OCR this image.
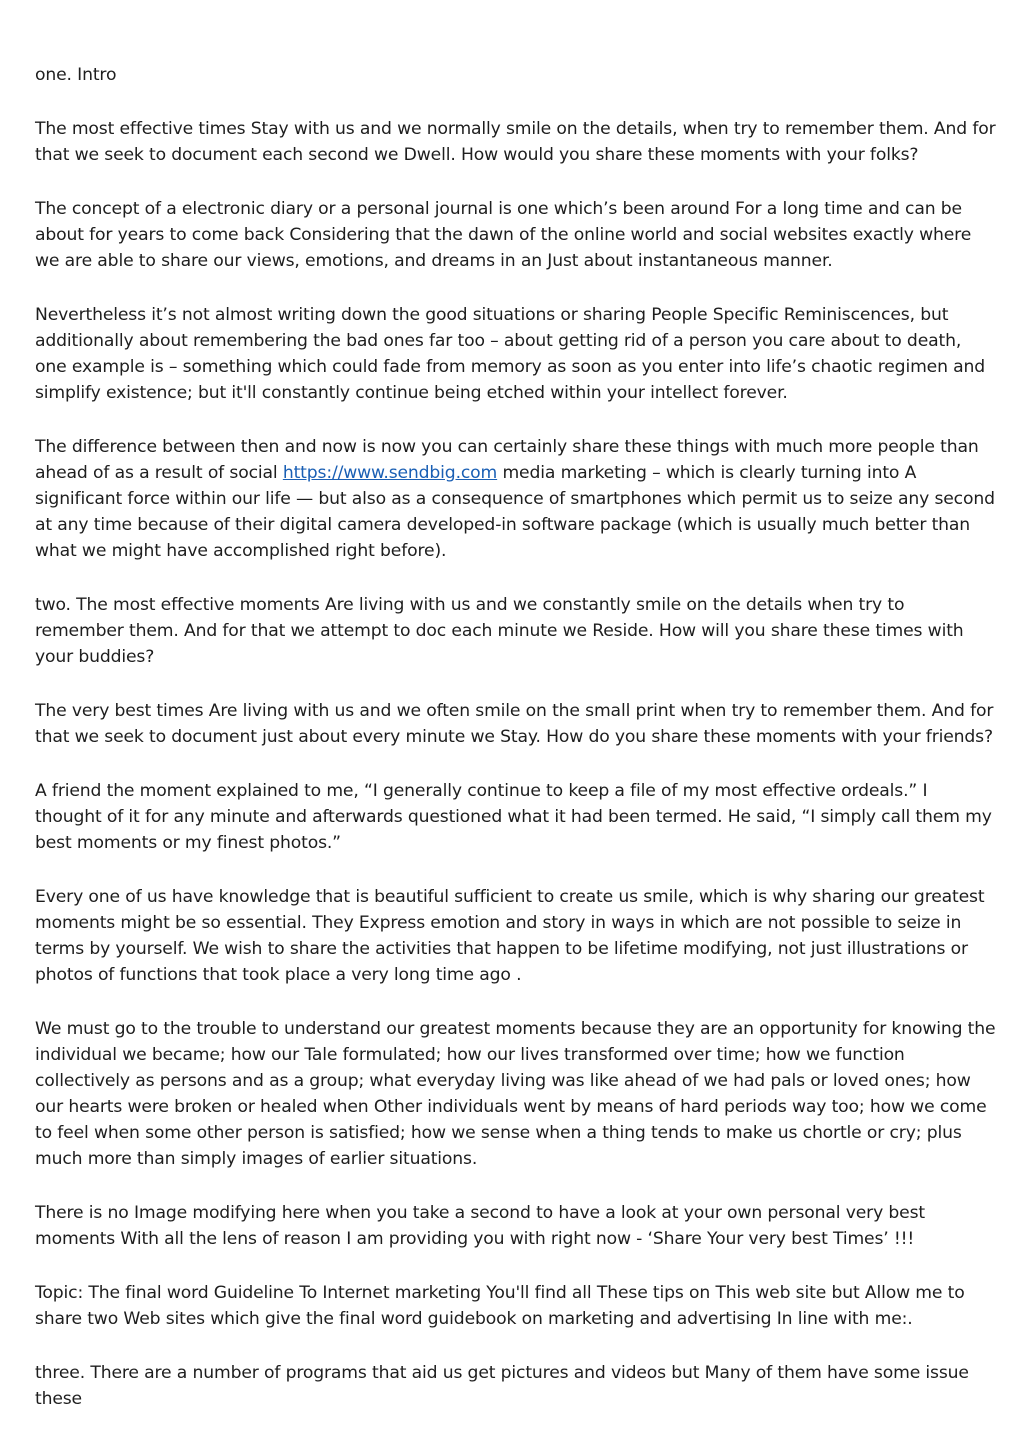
one. Intro

The most effective times Stay with us and we normally smile on the details, when try to remember them. And for that we seek to document each second we Dwell. How would you share these moments with your folks?

The concept of a electronic diary or a personal journal is one which’s been around For a long time and can be about for years to come back Considering that the dawn of the online world and social websites exactly where we are able to share our views, emotions, and dreams in an Just about instantaneous manner.

Nevertheless it’s not almost writing down the good situations or sharing People Specific Reminiscences, but additionally about remembering the bad ones far too – about getting rid of a person you care about to death, one example is – something which could fade from memory as soon as you enter into life’s chaotic regimen and simplify existence; but it'll constantly continue being etched within your intellect forever.

The difference between then and now is now you can certainly share these things with much more people than ahead of as a result of social https://www.sendbig.com media marketing – which is clearly turning into A significant force within our life — but also as a consequence of smartphones which permit us to seize any second at any time because of their digital camera developed-in software package (which is usually much better than what we might have accomplished right before).

two. The most effective moments Are living with us and we constantly smile on the details when try to remember them. And for that we attempt to doc each minute we Reside. How will you share these times with your buddies?

The very best times Are living with us and we often smile on the small print when try to remember them. And for that we seek to document just about every minute we Stay. How do you share these moments with your friends?

A friend the moment explained to me, “I generally continue to keep a file of my most effective ordeals.” I thought of it for any minute and afterwards questioned what it had been termed. He said, “I simply call them my best moments or my finest photos.”

Every one of us have knowledge that is beautiful sufficient to create us smile, which is why sharing our greatest moments might be so essential. They Express emotion and story in ways in which are not possible to seize in terms by yourself. We wish to share the activities that happen to be lifetime modifying, not just illustrations or photos of functions that took place a very long time ago .

We must go to the trouble to understand our greatest moments because they are an opportunity for knowing the individual we became; how our Tale formulated; how our lives transformed over time; how we function collectively as persons and as a group; what everyday living was like ahead of we had pals or loved ones; how our hearts were broken or healed when Other individuals went by means of hard periods way too; how we come to feel when some other person is satisfied; how we sense when a thing tends to make us chortle or cry; plus much more than simply images of earlier situations.

There is no Image modifying here when you take a second to have a look at your own personal very best moments With all the lens of reason I am providing you with right now - ‘Share Your very best Times’ !!!

Topic: The final word Guideline To Internet marketing You'll find all These tips on This web site but Allow me to share two Web sites which give the final word guidebook on marketing and advertising In line with me:.

three. There are a number of programs that aid us get pictures and videos but Many of them have some issue these
